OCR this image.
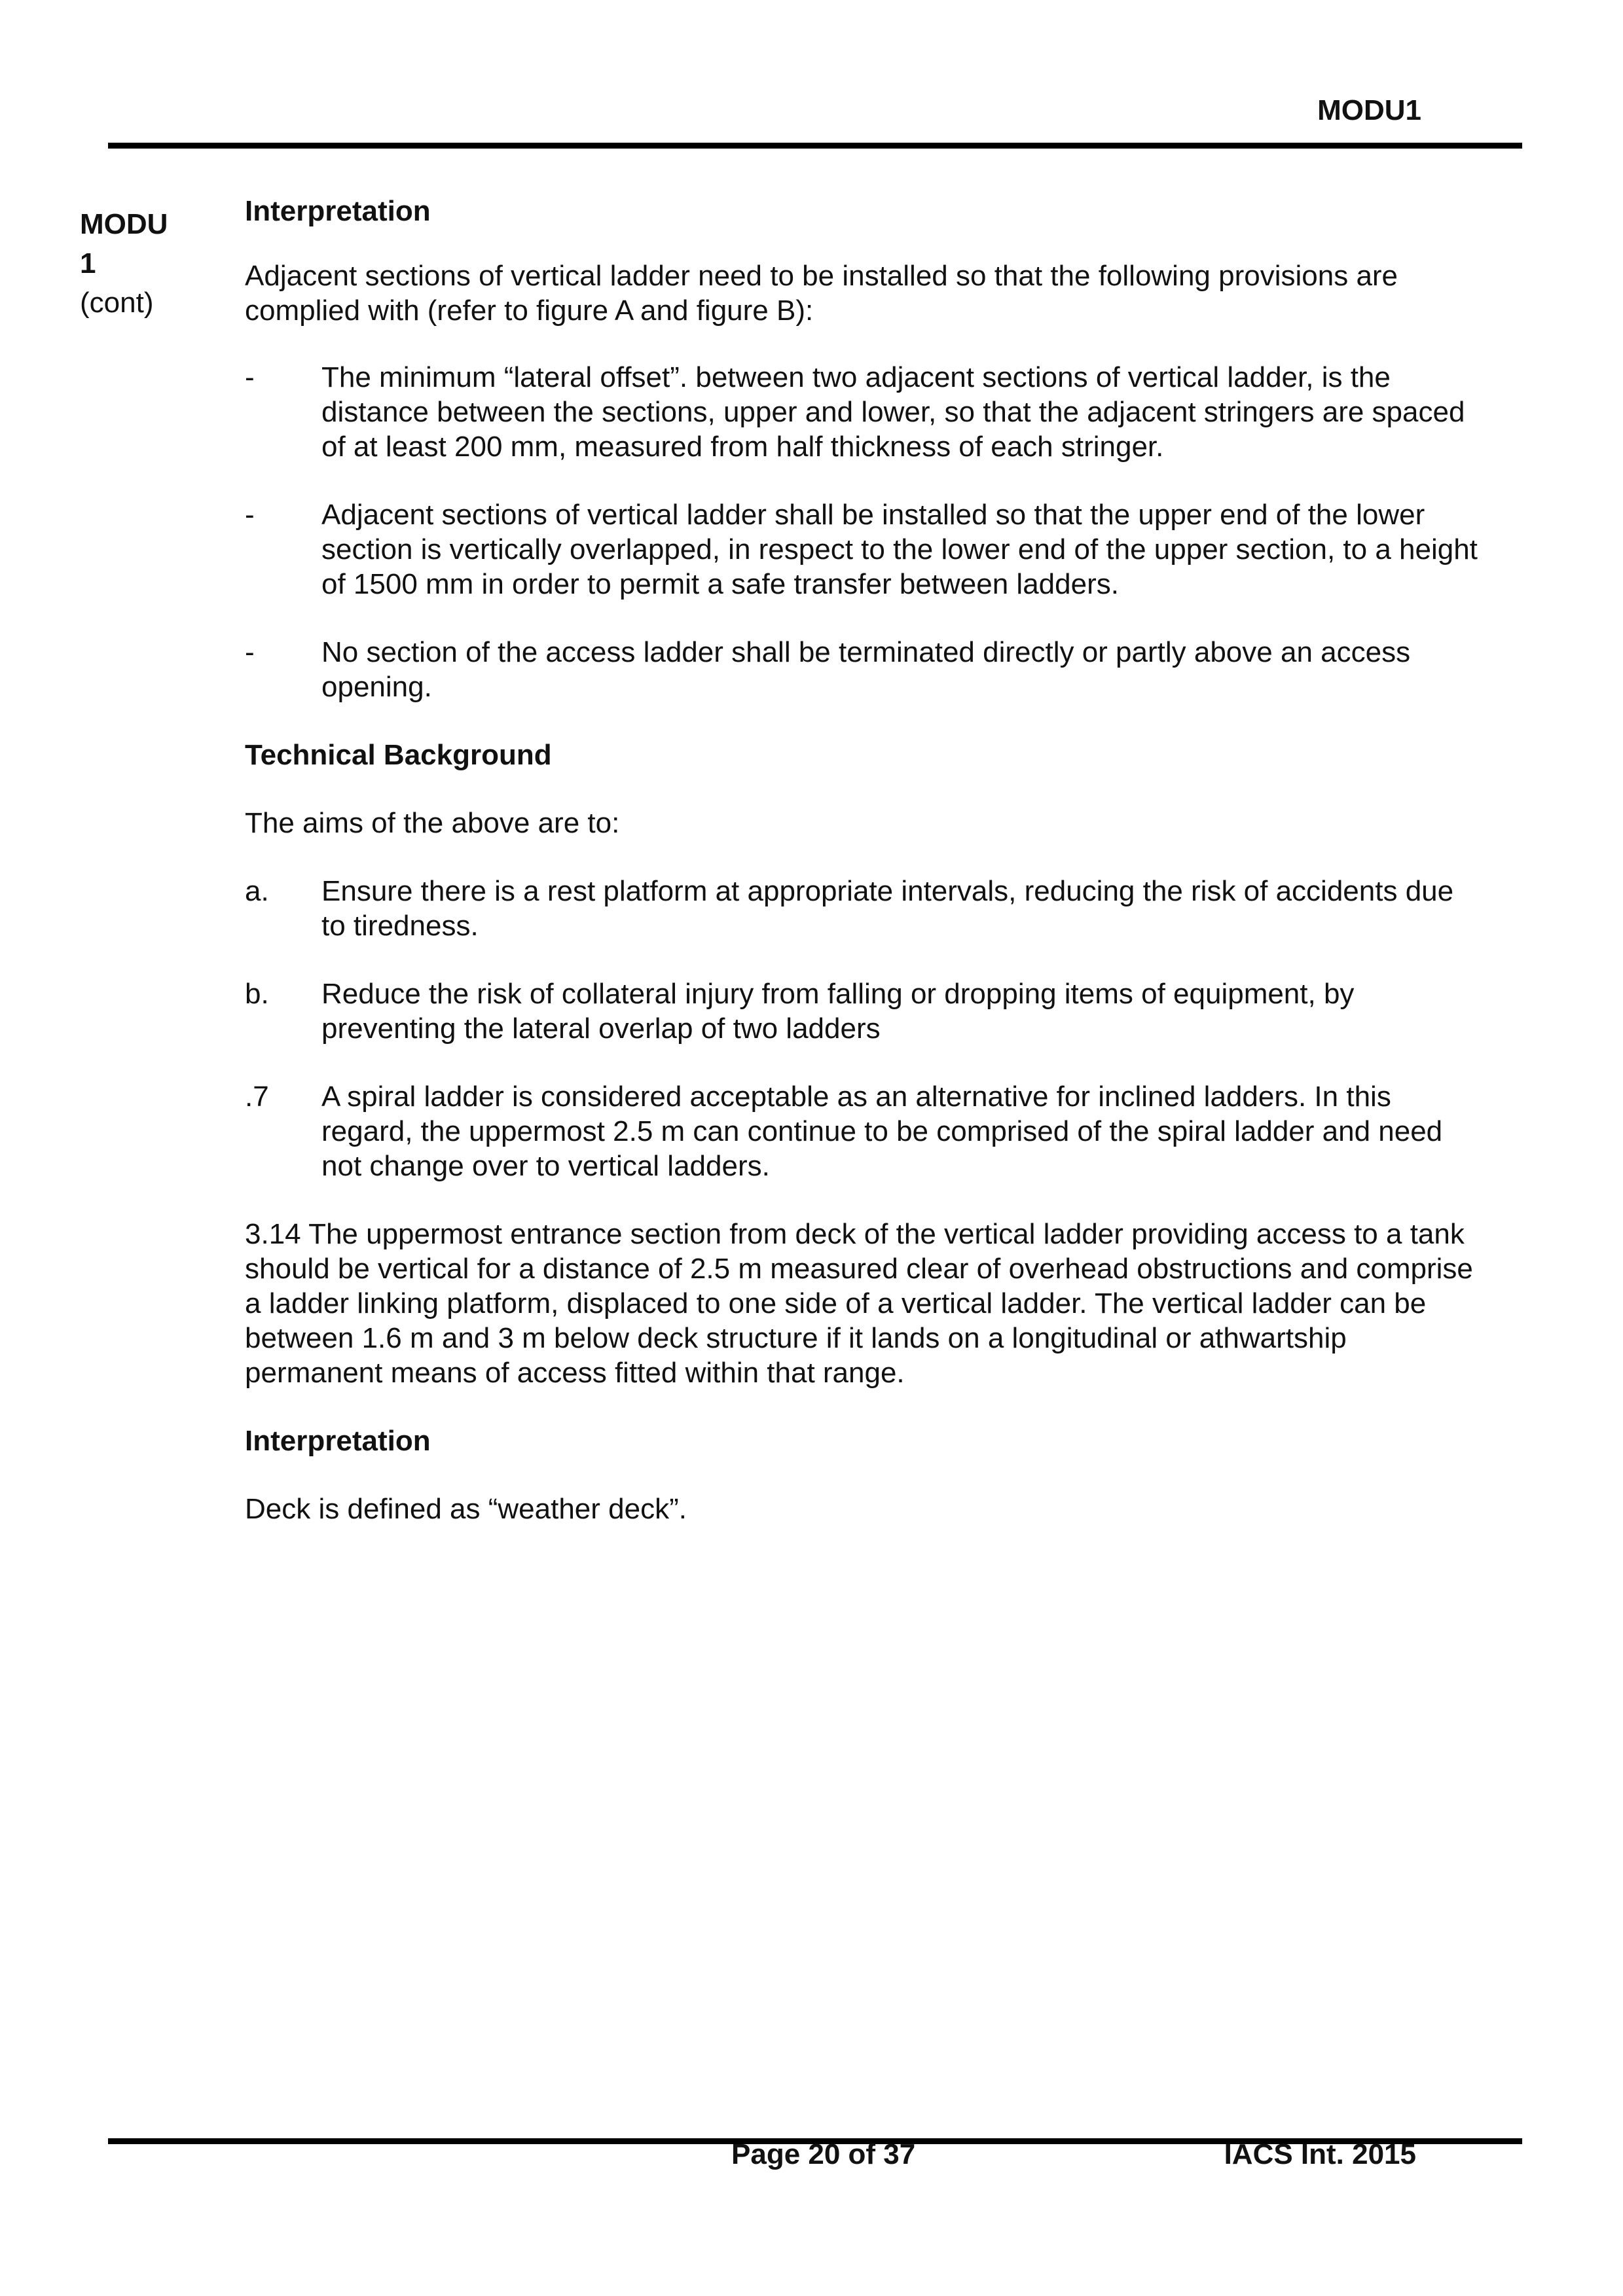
MODU1
MODU
1
(cont)

Interpretation

Adjacent sections of vertical ladder need to be installed so that the following provisions are complied with (refer to figure A and figure B):

-	The minimum “lateral offset”. between two adjacent sections of vertical ladder, is the distance between the sections, upper and lower, so that the adjacent stringers are spaced of at least 200 mm, measured from half thickness of each stringer.
-	Adjacent sections of vertical ladder shall be installed so that the upper end of the lower section is vertically overlapped, in respect to the lower end of the upper section, to a height of 1500 mm in order to permit a safe transfer between ladders.
-	No section of the access ladder shall be terminated directly or partly above an access opening.

Technical Background

The aims of the above are to:

a.	Ensure there is a rest platform at appropriate intervals, reducing the risk of accidents due to tiredness.
b.	Reduce the risk of collateral injury from falling or dropping items of equipment, by preventing the lateral overlap of two ladders
.7	A spiral ladder is considered acceptable as an alternative for inclined ladders. In this regard, the uppermost 2.5 m can continue to be comprised of the spiral ladder and need not change over to vertical ladders.

3.14 The uppermost entrance section from deck of the vertical ladder providing access to a tank should be vertical for a distance of 2.5 m measured clear of overhead obstructions and comprise a ladder linking platform, displaced to one side of a vertical ladder. The vertical ladder can be between 1.6 m and 3 m below deck structure if it lands on a longitudinal or athwartship permanent means of access fitted within that range.

Interpretation

Deck is defined as “weather deck”.

Page 20 of 37	IACS Int. 2015
